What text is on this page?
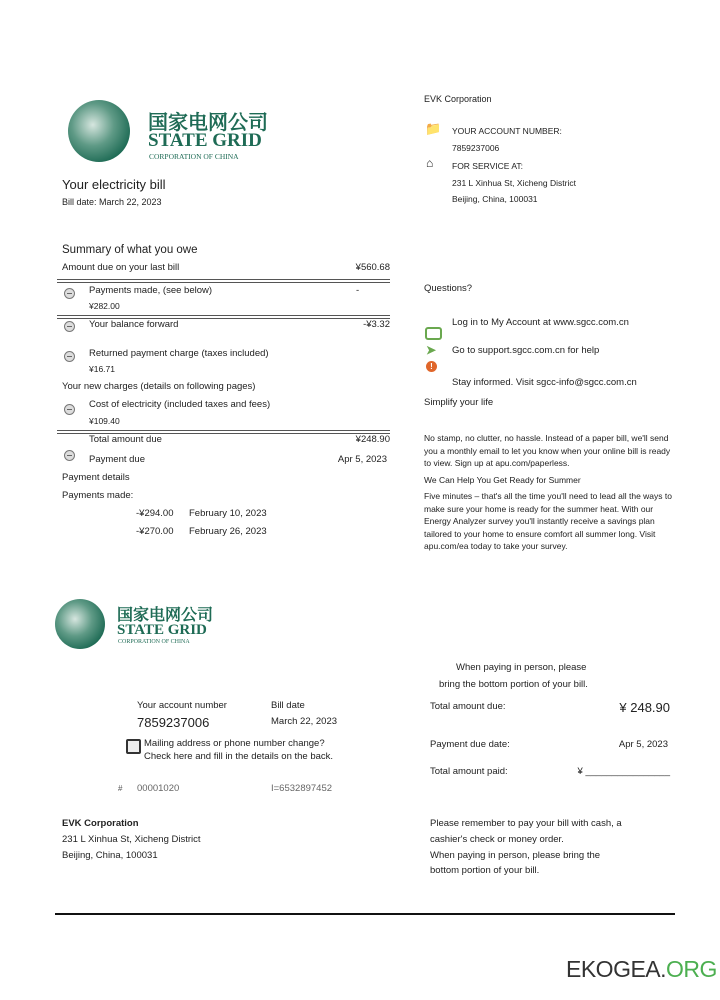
国家电网公司
STATE GRID
CORPORATION OF CHINA
Your electricity bill
Bill date: March 22, 2023
EVK Corporation
📁 YOUR ACCOUNT NUMBER:
7859237006
⌂ FOR SERVICE AT:
231 L Xinhua St, Xicheng District
Beijing, China, 100031
Summary of what you owe
Amount due on your last bill	¥560.68
Payments made, (see below)	-
¥282.00
Your balance forward	-¥3.32
Returned payment charge (taxes included)
¥16.71
Your new charges (details on following pages)
Cost of electricity (included taxes and fees)
¥109.40
Total amount due	¥248.90
Payment due	Apr 5, 2023
Payment details
Payments made:
-¥294.00 February 10, 2023
-¥270.00 February 26, 2023
Questions?
Log in to My Account at www.sgcc.com.cn
➤ Go to support.sgcc.com.cn for help
!
Stay informed. Visit sgcc-info@sgcc.com.cn
Simplify your life
No stamp, no clutter, no hassle. Instead of a paper bill, we'll send you a monthly email to let you know when your online bill is ready to view. Sign up at apu.com/paperless.
We Can Help You Get Ready for Summer
Five minutes – that's all the time you'll need to lead all the ways to make sure your home is ready for the summer heat. With our Energy Analyzer survey you'll instantly receive a savings plan tailored to your home to ensure comfort all summer long. Visit apu.com/ea today to take your survey.
国家电网公司
STATE GRID
CORPORATION OF CHINA
Your account number
7859237006
Bill date
March 22, 2023
Mailing address or phone number change?
Check here and fill in the details on the back.
# 00001020	I=6532897452
EVK Corporation
231 L Xinhua St, Xicheng District
Beijing, China, 100031
When paying in person, please
bring the bottom portion of your bill.
Total amount due:	¥ 248.90
Payment due date:	Apr 5, 2023
Total amount paid:	¥ ________________
Please remember to pay your bill with cash, a
cashier's check or money order.
When paying in person, please bring the
bottom portion of your bill.
EKOGEA.ORG
